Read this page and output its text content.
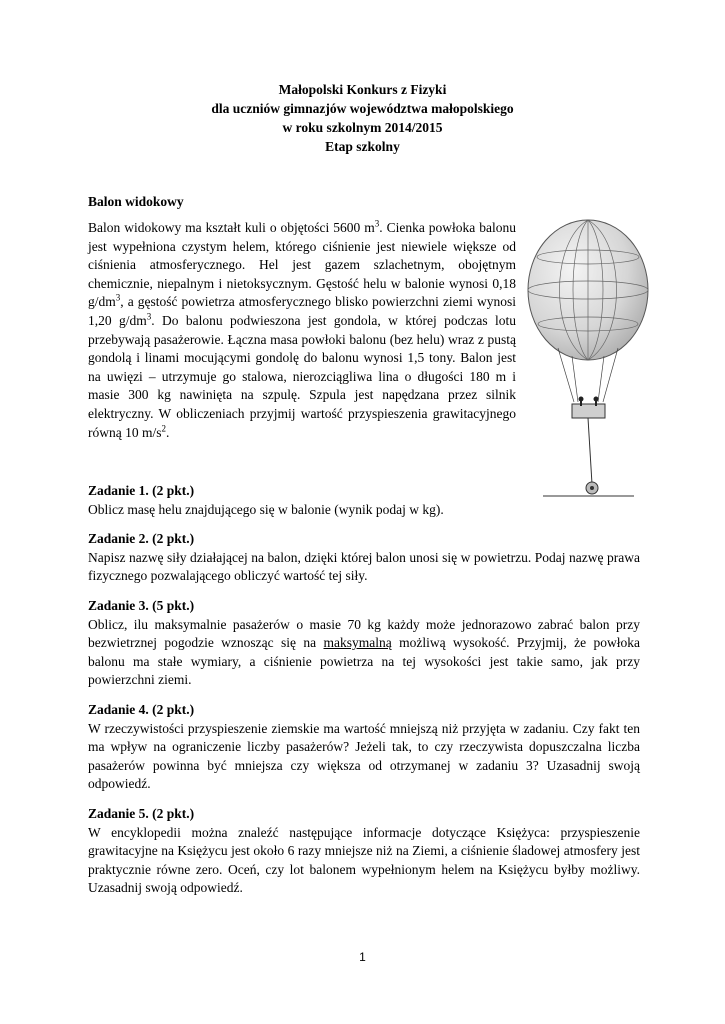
Małopolski Konkurs z Fizyki
dla uczniów gimnazjów województwa małopolskiego
w roku szkolnym 2014/2015
Etap szkolny
Balon widokowy
Balon widokowy ma kształt kuli o objętości 5600 $m^3$. Cienka powłoka balonu jest wypełniona czystym helem, którego ciśnienie jest niewiele większe od ciśnienia atmosferycznego. Hel jest gazem szlachetnym, obojętnym chemicznie, niepalnym i nietoksycznym. Gęstość helu w balonie wynosi 0,18 $g/dm^3$, a gęstość powietrza atmosferycznego blisko powierzchni ziemi wynosi 1,20 $g/dm^3$. Do balonu podwieszona jest gondola, w której podczas lotu przebywają pasażerowie. Łączna masa powłoki balonu (bez helu) wraz z pustą gondolą i linami mocującymi gondolę do balonu wynosi 1,5 tony. Balon jest na uwięzi – utrzymuje go stalowa, nierozciągliwa lina o długości 180 m i masie 300 kg nawinięta na szpulę. Szpula jest napędzana przez silnik elektryczny. W obliczeniach przyjmij wartość przyspieszenia grawitacyjnego równą 10 $m/s^2$.
Zadanie 1. (2 pkt.)
Oblicz masę helu znajdującego się w balonie (wynik podaj w kg).
Zadanie 2. (2 pkt.)
Napisz nazwę siły działającej na balon, dzięki której balon unosi się w powietrzu. Podaj nazwę prawa fizycznego pozwalającego obliczyć wartość tej siły.
Zadanie 3. (5 pkt.)
Oblicz, ilu maksymalnie pasażerów o masie 70 kg każdy może jednorazowo zabrać balon przy bezwietrznej pogodzie wznosząc się na maksymalną możliwą wysokość. Przyjmij, że powłoka balonu ma stałe wymiary, a ciśnienie powietrza na tej wysokości jest takie samo, jak przy powierzchni ziemi.
Zadanie 4. (2 pkt.)
W rzeczywistości przyspieszenie ziemskie ma wartość mniejszą niż przyjęta w zadaniu. Czy fakt ten ma wpływ na ograniczenie liczby pasażerów? Jeżeli tak, to czy rzeczywista dopuszczalna liczba pasażerów powinna być mniejsza czy większa od otrzymanej w zadaniu 3? Uzasadnij swoją odpowiedź.
Zadanie 5. (2 pkt.)
W encyklopedii można znaleźć następujące informacje dotyczące Księżyca: przyspieszenie grawitacyjne na Księżycu jest około 6 razy mniejsze niż na Ziemi, a ciśnienie śladowej atmosfery jest praktycznie równe zero. Oceń, czy lot balonem wypełnionym helem na Księżycu byłby możliwy. Uzasadnij swoją odpowiedź.
1
